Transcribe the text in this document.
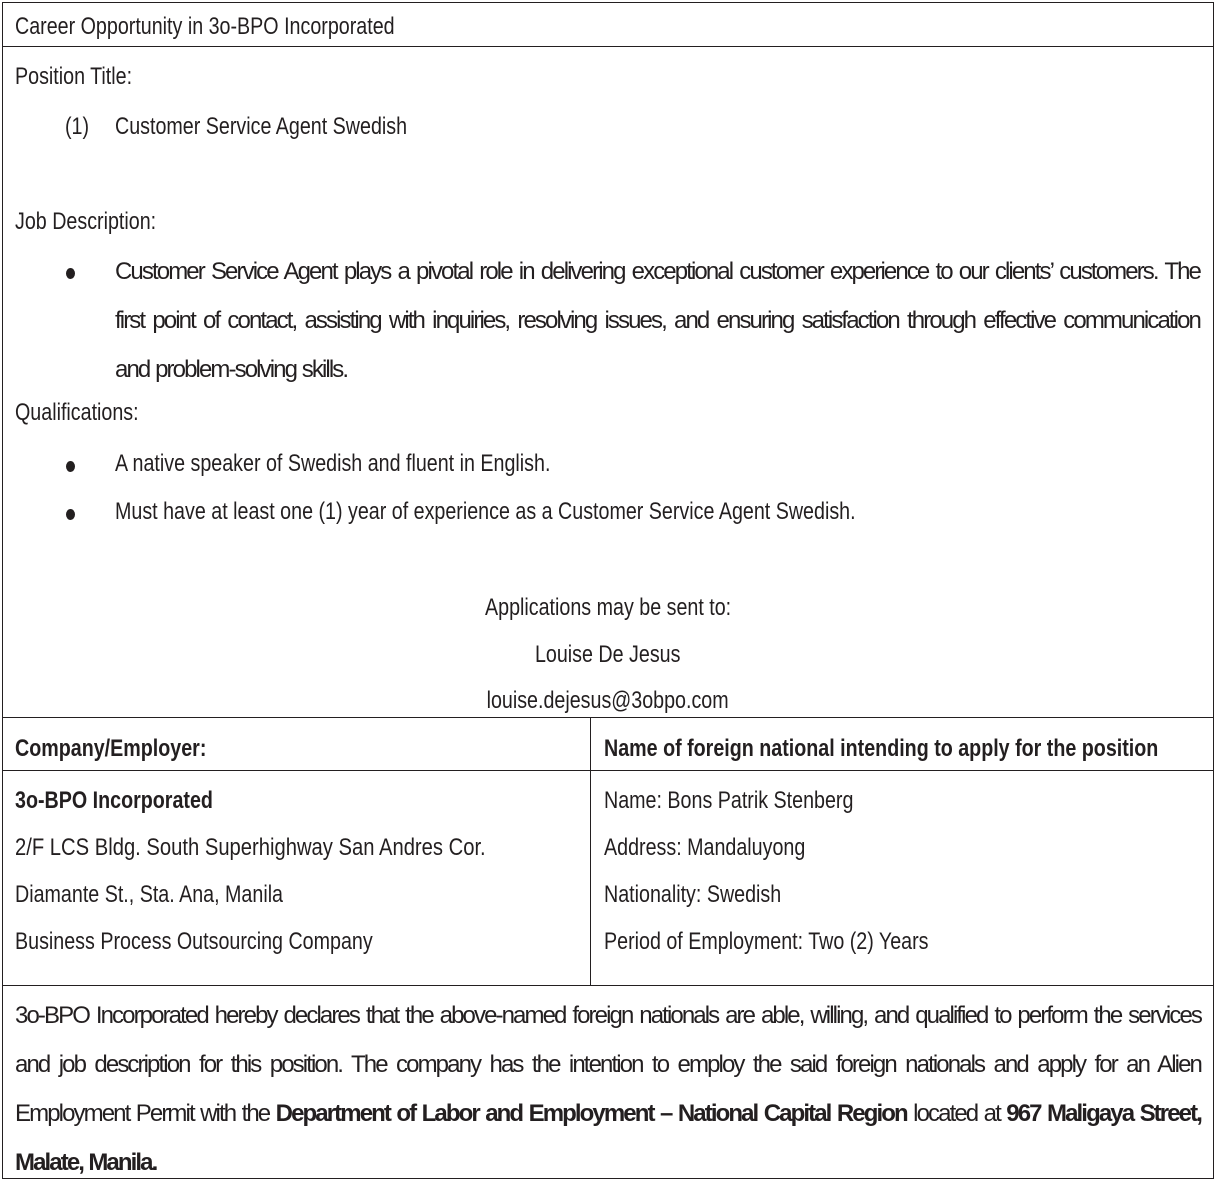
Career Opportunity in 3o-BPO Incorporated
Position Title:
(1) Customer Service Agent Swedish
Job Description:
Customer Service Agent plays a pivotal role in delivering exceptional customer experience to our clients’ customers. The first point of contact, assisting with inquiries, resolving issues, and ensuring satisfaction through effective communication and problem-solving skills.
Qualifications:
A native speaker of Swedish and fluent in English.
Must have at least one (1) year of experience as a Customer Service Agent Swedish.
Applications may be sent to:
Louise De Jesus
louise.dejesus@3obpo.com
Company/Employer:	Name of foreign national intending to apply for the position
3o-BPO Incorporated
2/F LCS Bldg. South Superhighway San Andres Cor.
Diamante St., Sta. Ana, Manila
Business Process Outsourcing Company
Name: Bons Patrik Stenberg
Address: Mandaluyong
Nationality: Swedish
Period of Employment: Two (2) Years
3o-BPO Incorporated hereby declares that the above-named foreign nationals are able, willing, and qualified to perform the services and job description for this position. The company has the intention to employ the said foreign nationals and apply for an Alien Employment Permit with the Department of Labor and Employment – National Capital Region located at 967 Maligaya Street, Malate, Manila.
